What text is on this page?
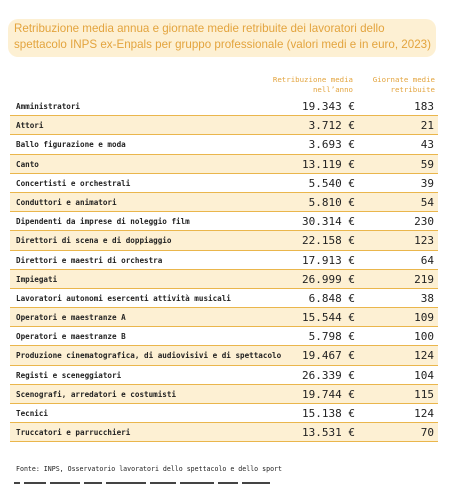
Retribuzione media annua e giornate medie retribuite dei lavoratori dello spettacolo INPS ex-Enpals per gruppo professionale (valori medi e in euro, 2023)
Retribuzione media nell’anno
Giornate medie retribuite
Amministratori	19.343 €	183
Attori	3.712 €	21
Ballo figurazione e moda	3.693 €	43
Canto	13.119 €	59
Concertisti e orchestrali	5.540 €	39
Conduttori e animatori	5.810 €	54
Dipendenti da imprese di noleggio film	30.314 €	230
Direttori di scena e di doppiaggio	22.158 €	123
Direttori e maestri di orchestra	17.913 €	64
Impiegati	26.999 €	219
Lavoratori autonomi esercenti attività musicali	6.848 €	38
Operatori e maestranze A	15.544 €	109
Operatori e maestranze B	5.798 €	100
Produzione cinematografica, di audiovisivi e di spettacolo 19.467 €	124
Registi e sceneggiatori	26.339 €	104
Scenografi, arredatori e costumisti	19.744 €	115
Tecnici	15.138 €	124
Truccatori e parrucchieri	13.531 €	70
Fonte: INPS, Osservatorio lavoratori dello spettacolo e dello sport
